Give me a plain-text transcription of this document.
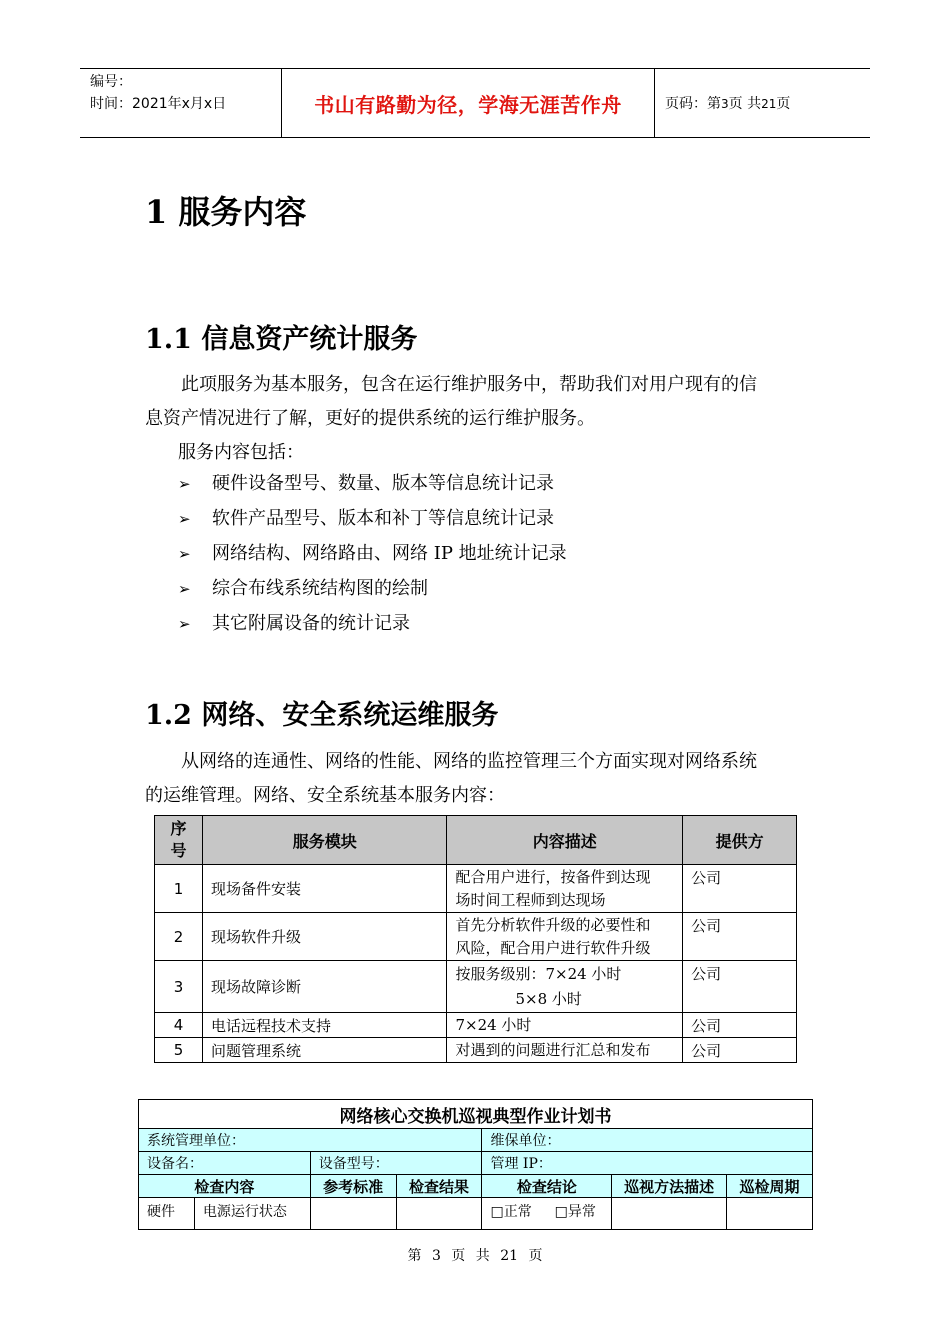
编号：
时间：2021年x月x日	书山有路勤为径，学海无涯苦作舟	页码：第3页 共21页
1 服务内容
1.1 信息资产统计服务
此项服务为基本服务，包含在运行维护服务中，帮助我们对用户现有的信
息资产情况进行了解，更好的提供系统的运行维护服务。
服务内容包括：
➢ 硬件设备型号、数量、版本等信息统计记录
➢ 软件产品型号、版本和补丁等信息统计记录
➢ 网络结构、网络路由、网络 IP 地址统计记录
➢ 综合布线系统结构图的绘制
➢ 其它附属设备的统计记录
1.2 网络、安全系统运维服务
从网络的连通性、网络的性能、网络的监控管理三个方面实现对网络系统
的运维管理。网络、安全系统基本服务内容：
序号	服务模块	内容描述	提供方
1	现场备件安装	配合用户进行，按备件到达现
场时间工程师到达现场	公司
2	现场软件升级	首先分析软件升级的必要性和
风险，配合用户进行软件升级	公司
3	现场故障诊断	按服务级别：7×24 小时
5×8 小时	公司
4	电话远程技术支持	7×24 小时	公司
5	问题管理系统	对遇到的问题进行汇总和发布	公司
网络核心交换机巡视典型作业计划书						
系统管理单位：				维保单位：		
设备名：		设备型号：		管理 IP：		
检查内容		参考标准	检查结果	检查结论	巡视方法描述	巡检周期
硬件	电源运行状态			□正常 □异常		
第 3 页 共 21 页
